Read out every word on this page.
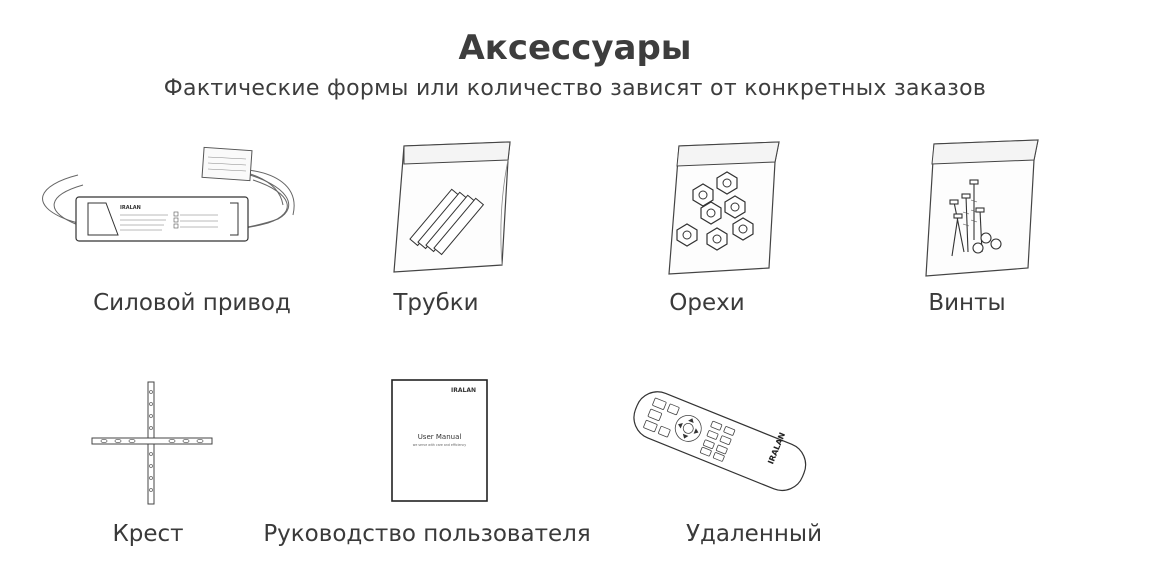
Аксессуары
Фактические формы или количество зависят от конкретных заказов
IRALAN
Силовой привод	Трубки	Орехи	Винты
Крест
IRALAN
User Manual
we serve with care and efficiency
Руководство пользователя
IRALAN
Удаленный
